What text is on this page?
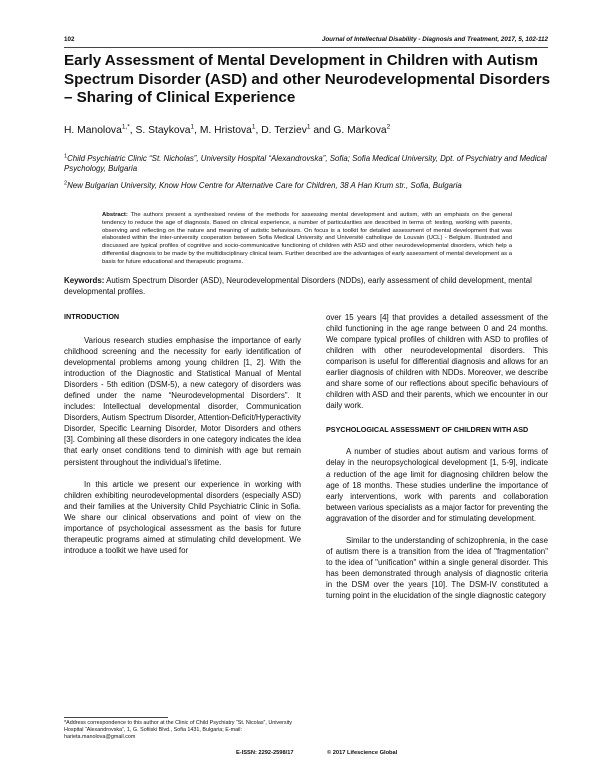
102	Journal of Intellectual Disability - Diagnosis and Treatment, 2017, 5, 102-112
Early Assessment of Mental Development in Children with Autism Spectrum Disorder (ASD) and other Neurodevelopmental Disorders – Sharing of Clinical Experience
H. Manolova$^{1,*}$, S. Staykova$^1$, M. Hristova$^1$, D. Terziev$^1$ and G. Markova$^2$

$^1$Child Psychiatric Clinic “St. Nicholas”, University Hospital “Alexandrovska”, Sofia; Sofia Medical University, Dpt. of Psychiatry and Medical Psychology, Bulgaria

$^2$New Bulgarian University, Know How Centre for Alternative Care for Children, 38 A Han Krum str., Sofia, Bulgaria

Abstract: The authors present a synthesised review of the methods for assessing mental development and autism, with an emphasis on the general tendency to reduce the age of diagnosis. Based on clinical experience, a number of particularities are described in terms of: testing, working with parents, observing and reflecting on the nature and meaning of autistic behaviours. On focus is a toolkit for detailed assessment of mental development that was elaborated within the inter-university cooperation between Sofia Medical University and Université catholique de Louvain (UCL) - Belgium. Illustrated and discussed are typical profiles of cognitive and socio-communicative functioning of children with ASD and other neurodevelopmental disorders, which help a differential diagnosis to be made by the multidisciplinary clinical team. Further described are the advantages of early assessment of mental development as a basis for future educational and therapeutic programs.

Keywords: Autism Spectrum Disorder (ASD), Neurodevelopmental Disorders (NDDs), early assessment of child development, mental developmental profiles.

INTRODUCTION

Various research studies emphasise the importance of early childhood screening and the necessity for early identification of developmental problems among young children [1, 2]. With the introduction of the Diagnostic and Statistical Manual of Mental Disorders - 5th edition (DSM-5), a new category of disorders was defined under the name “Neurodevelopmental Disorders”. It includes: Intellectual developmental disorder, Communication Disorders, Autism Spectrum Disorder, Attention-Deficit/Hyperactivity Disorder, Specific Learning Disorder, Motor Disorders and others [3]. Combining all these disorders in one category indicates the idea that early onset conditions tend to diminish with age but remain persistent throughout the individual’s lifetime.

In this article we present our experience in working with children exhibiting neurodevelopmental disorders (especially ASD) and their families at the University Child Psychiatric Clinic in Sofia. We share our clinical observations and point of view on the importance of psychological assessment as the basis for future therapeutic programs aimed at stimulating child development. We introduce a toolkit we have used for

over 15 years [4] that provides a detailed assessment of the child functioning in the age range between 0 and 24 months. We compare typical profiles of children with ASD to profiles of children with other neurodevelopmental disorders. This comparison is useful for differential diagnosis and allows for an earlier diagnosis of children with NDDs. Moreover, we describe and share some of our reflections about specific behaviours of children with ASD and their parents, which we encounter in our daily work.

PSYCHOLOGICAL ASSESSMENT OF CHILDREN WITH ASD

A number of studies about autism and various forms of delay in the neuropsychological development [1, 5-9], indicate a reduction of the age limit for diagnosing children below the age of 18 months. These studies underline the importance of early interventions, work with parents and collaboration between various specialists as a major factor for preventing the aggravation of the disorder and for stimulating development.

Similar to the understanding of schizophrenia, in the case of autism there is a transition from the idea of "fragmentation" to the idea of "unification" within a single general disorder. This has been demonstrated through analysis of diagnostic criteria in the DSM over the years [10]. The DSM-IV constituted a turning point in the elucidation of the single diagnostic category

*Address correspondence to this author at the Clinic of Child Psychiatry “St. Nicolas”, University Hospital “Alexandrovska”, 1, G. Sofiiski Blvd., Sofia 1431, Bulgaria; E-mail: harieta.manolova@gmail.com

E-ISSN: 2292-2598/17	© 2017 Lifescience Global
